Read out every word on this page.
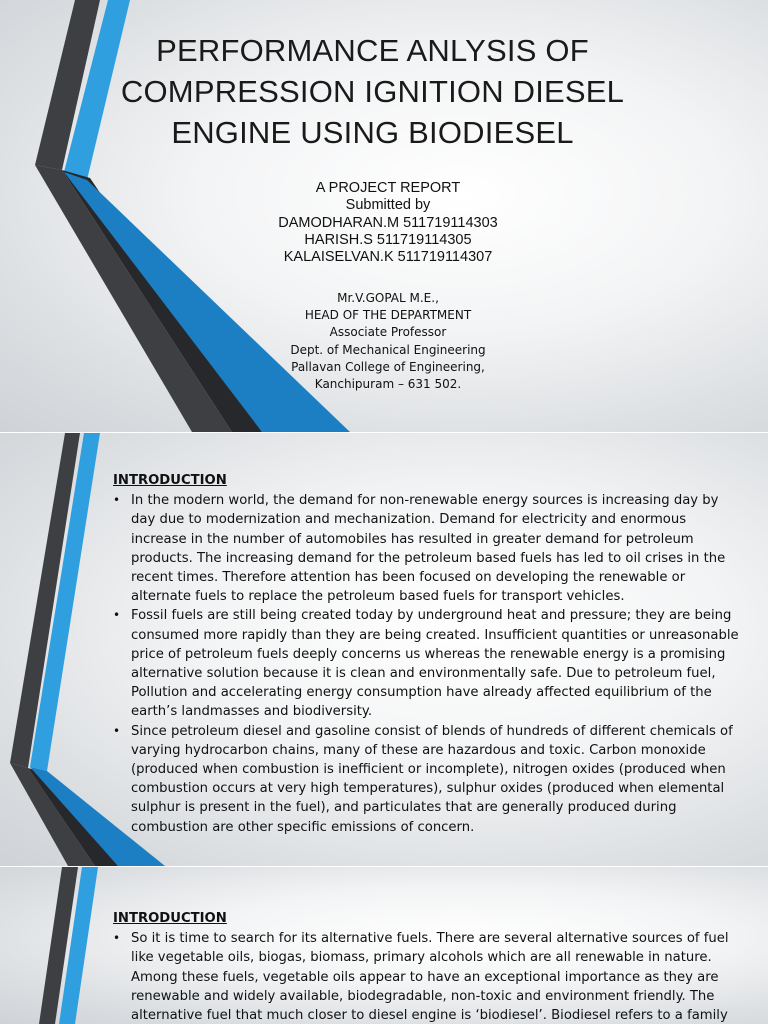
PERFORMANCE ANLYSIS OF
COMPRESSION IGNITION DIESEL
ENGINE USING BIODIESEL
A PROJECT REPORT
Submitted by
DAMODHARAN.M 511719114303
HARISH.S 511719114305
KALAISELVAN.K 511719114307
Mr.V.GOPAL M.E.,
HEAD OF THE DEPARTMENT
Associate Professor
Dept. of Mechanical Engineering
Pallavan College of Engineering,
Kanchipuram – 631 502.
INTRODUCTION
• In the modern world, the demand for non-renewable energy sources is increasing day by day due to modernization and mechanization. Demand for electricity and enormous increase in the number of automobiles has resulted in greater demand for petroleum products. The increasing demand for the petroleum based fuels has led to oil crises in the recent times. Therefore attention has been focused on developing the renewable or alternate fuels to replace the petroleum based fuels for transport vehicles.
• Fossil fuels are still being created today by underground heat and pressure; they are being consumed more rapidly than they are being created. Insufficient quantities or unreasonable price of petroleum fuels deeply concerns us whereas the renewable energy is a promising alternative solution because it is clean and environmentally safe. Due to petroleum fuel, Pollution and accelerating energy consumption have already affected equilibrium of the earth’s landmasses and biodiversity.
• Since petroleum diesel and gasoline consist of blends of hundreds of different chemicals of varying hydrocarbon chains, many of these are hazardous and toxic. Carbon monoxide (produced when combustion is inefficient or incomplete), nitrogen oxides (produced when combustion occurs at very high temperatures), sulphur oxides (produced when elemental sulphur is present in the fuel), and particulates that are generally produced during combustion are other specific emissions of concern.
INTRODUCTION
• So it is time to search for its alternative fuels. There are several alternative sources of fuel like vegetable oils, biogas, biomass, primary alcohols which are all renewable in nature. Among these fuels, vegetable oils appear to have an exceptional importance as they are renewable and widely available, biodegradable, non-toxic and environment friendly. The alternative fuel that much closer to diesel engine is ‘biodiesel’. Biodiesel refers to a family
